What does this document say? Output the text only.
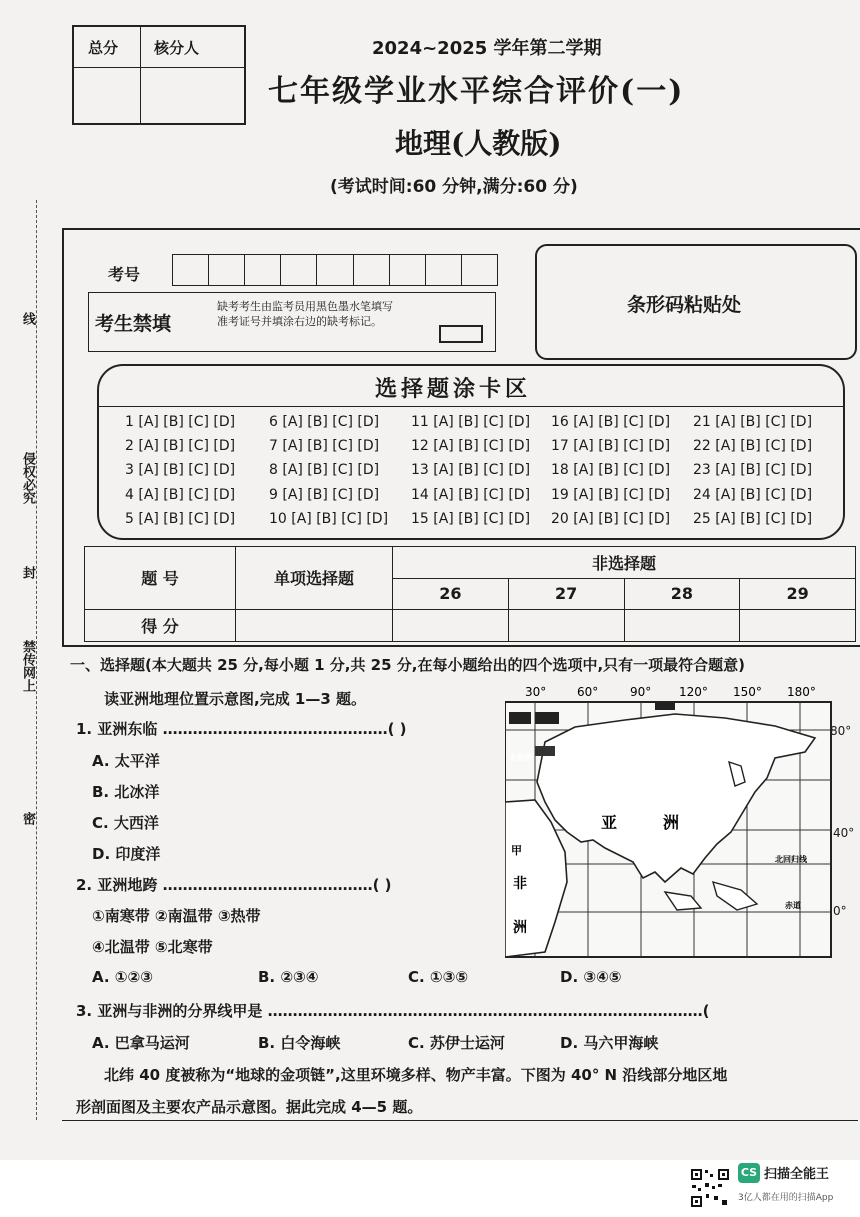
总分 核分人	2024~2025 学年第二学期
七年级学业水平综合评价(一)
地理(人教版)
(考试时间:60 分钟,满分:60 分)
线
侵权必究
封
禁传网上
密
考号
考生禁填
缺考考生由监考员用黑色墨水笔填写准考证号并填涂右边的缺考标记。
条形码粘贴处
选择题涂卡区
1 [A] [B] [C] [D] 6 [A] [B] [C] [D] 11 [A] [B] [C] [D] 16 [A] [B] [C] [D] 21 [A] [B] [C] [D]
2 [A] [B] [C] [D] 7 [A] [B] [C] [D] 12 [A] [B] [C] [D] 17 [A] [B] [C] [D] 22 [A] [B] [C] [D]
3 [A] [B] [C] [D] 8 [A] [B] [C] [D] 13 [A] [B] [C] [D] 18 [A] [B] [C] [D] 23 [A] [B] [C] [D]
4 [A] [B] [C] [D] 9 [A] [B] [C] [D] 14 [A] [B] [C] [D] 19 [A] [B] [C] [D] 24 [A] [B] [C] [D]
5 [A] [B] [C] [D] 10 [A] [B] [C] [D] 15 [A] [B] [C] [D] 20 [A] [B] [C] [D] 25 [A] [B] [C] [D]
题 号	单项选择题	非选择题			
		26	27	28	29
得 分					
一、选择题(本大题共 25 分,每小题 1 分,共 25 分,在每小题给出的四个选项中,只有一项最符合题意)
读亚洲地理位置示意图,完成 1—3 题。
1. 亚洲东临 ………………………………………( )
A. 太平洋
B. 北冰洋
C. 大西洋
D. 印度洋
2. 亚洲地跨 ……………………………………( )
①南寒带 ②南温带 ③热带
④北温带 ⑤北寒带
A. ①②③	B. ②③④	C. ①③⑤	D. ③④⑤
3. 亚洲与非洲的分界线甲是 ……………………………………………………………………………(
A. 巴拿马运河	B. 白令海峡	C. 苏伊士运河	D. 马六甲海峡
北纬 40 度被称为“地球的金项链”,这里环境多样、物产丰富。下图为 40° N 沿线部分地区地
形剖面图及主要农产品示意图。据此完成 4—5 题。
30°	60°	90° 120° 150° 180°
亚	洲
非
洲
甲
北回归线
赤道
北极圈
80°
40°
0°
CS 扫描全能王
3亿人都在用的扫描App
